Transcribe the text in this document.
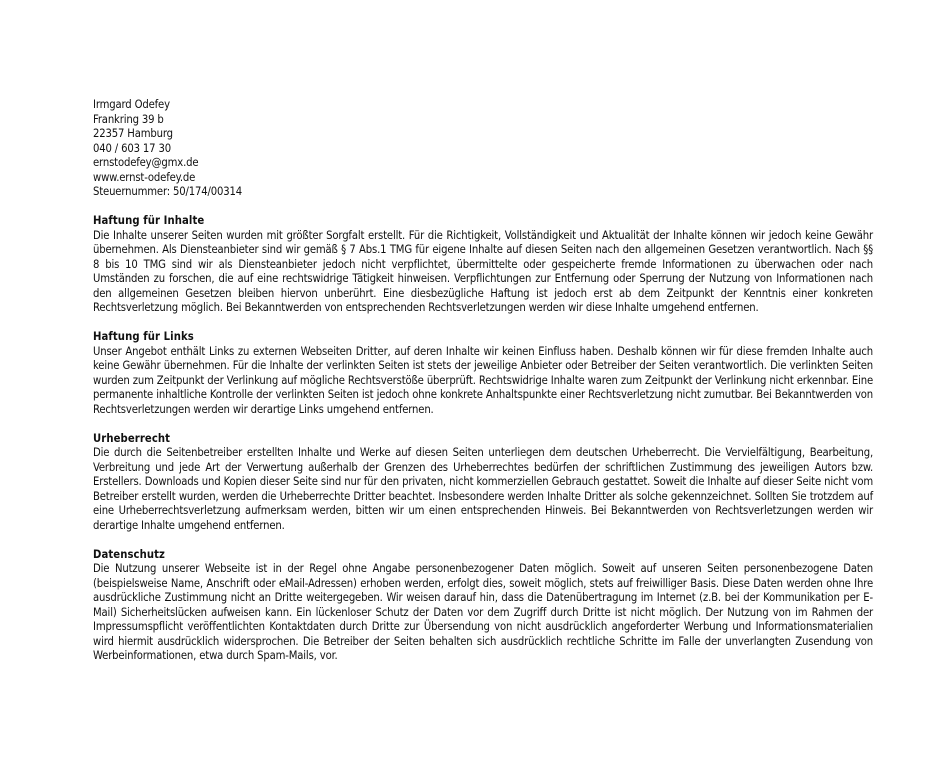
Irmgard Odefey
Frankring 39 b
22357 Hamburg
040 / 603 17 30
ernstodefey@gmx.de
www.ernst-odefey.de
Steuernummer: 50/174/00314
Haftung für Inhalte
Die Inhalte unserer Seiten wurden mit größter Sorgfalt erstellt. Für die Richtigkeit, Vollständigkeit und Aktualität der Inhalte können wir jedoch keine Gewähr übernehmen. Als Diensteanbieter sind wir gemäß § 7 Abs.1 TMG für eigene Inhalte auf diesen Seiten nach den allgemeinen Gesetzen verantwortlich. Nach §§ 8 bis 10 TMG sind wir als Diensteanbieter jedoch nicht verpflichtet, übermittelte oder gespeicherte fremde Informationen zu überwachen oder nach Umständen zu forschen, die auf eine rechtswidrige Tätigkeit hinweisen. Verpflichtungen zur Entfernung oder Sperrung der Nutzung von Informationen nach den allgemeinen Gesetzen bleiben hiervon unberührt. Eine diesbezügliche Haftung ist jedoch erst ab dem Zeitpunkt der Kenntnis einer konkreten Rechtsverletzung möglich. Bei Bekanntwerden von entsprechenden Rechtsverletzungen werden wir diese Inhalte umgehend entfernen.
Haftung für Links
Unser Angebot enthält Links zu externen Webseiten Dritter, auf deren Inhalte wir keinen Einfluss haben. Deshalb können wir für diese fremden Inhalte auch keine Gewähr übernehmen. Für die Inhalte der verlinkten Seiten ist stets der jeweilige Anbieter oder Betreiber der Seiten verantwortlich. Die verlinkten Seiten wurden zum Zeitpunkt der Verlinkung auf mögliche Rechtsverstöße überprüft. Rechtswidrige Inhalte waren zum Zeitpunkt der Verlinkung nicht erkennbar. Eine permanente inhaltliche Kontrolle der verlinkten Seiten ist jedoch ohne konkrete Anhaltspunkte einer Rechtsverletzung nicht zumutbar. Bei Bekanntwerden von Rechtsverletzungen werden wir derartige Links umgehend entfernen.
Urheberrecht
Die durch die Seitenbetreiber erstellten Inhalte und Werke auf diesen Seiten unterliegen dem deutschen Urheberrecht. Die Vervielfältigung, Bearbeitung, Verbreitung und jede Art der Verwertung außerhalb der Grenzen des Urheberrechtes bedürfen der schriftlichen Zustimmung des jeweiligen Autors bzw. Erstellers. Downloads und Kopien dieser Seite sind nur für den privaten, nicht kommerziellen Gebrauch gestattet. Soweit die Inhalte auf dieser Seite nicht vom Betreiber erstellt wurden, werden die Urheberrechte Dritter beachtet. Insbesondere werden Inhalte Dritter als solche gekennzeichnet. Sollten Sie trotzdem auf eine Urheberrechtsverletzung aufmerksam werden, bitten wir um einen entsprechenden Hinweis. Bei Bekanntwerden von Rechtsverletzungen werden wir derartige Inhalte umgehend entfernen.
Datenschutz
Die Nutzung unserer Webseite ist in der Regel ohne Angabe personenbezogener Daten möglich. Soweit auf unseren Seiten personenbezogene Daten (beispielsweise Name, Anschrift oder eMail-Adressen) erhoben werden, erfolgt dies, soweit möglich, stets auf freiwilliger Basis. Diese Daten werden ohne Ihre ausdrückliche Zustimmung nicht an Dritte weitergegeben. Wir weisen darauf hin, dass die Datenübertragung im Internet (z.B. bei der Kommunikation per E-Mail) Sicherheitslücken aufweisen kann. Ein lückenloser Schutz der Daten vor dem Zugriff durch Dritte ist nicht möglich. Der Nutzung von im Rahmen der Impressumspflicht veröffentlichten Kontaktdaten durch Dritte zur Übersendung von nicht ausdrücklich angeforderter Werbung und Informationsmaterialien wird hiermit ausdrücklich widersprochen. Die Betreiber der Seiten behalten sich ausdrücklich rechtliche Schritte im Falle der unverlangten Zusendung von Werbeinformationen, etwa durch Spam-Mails, vor.
